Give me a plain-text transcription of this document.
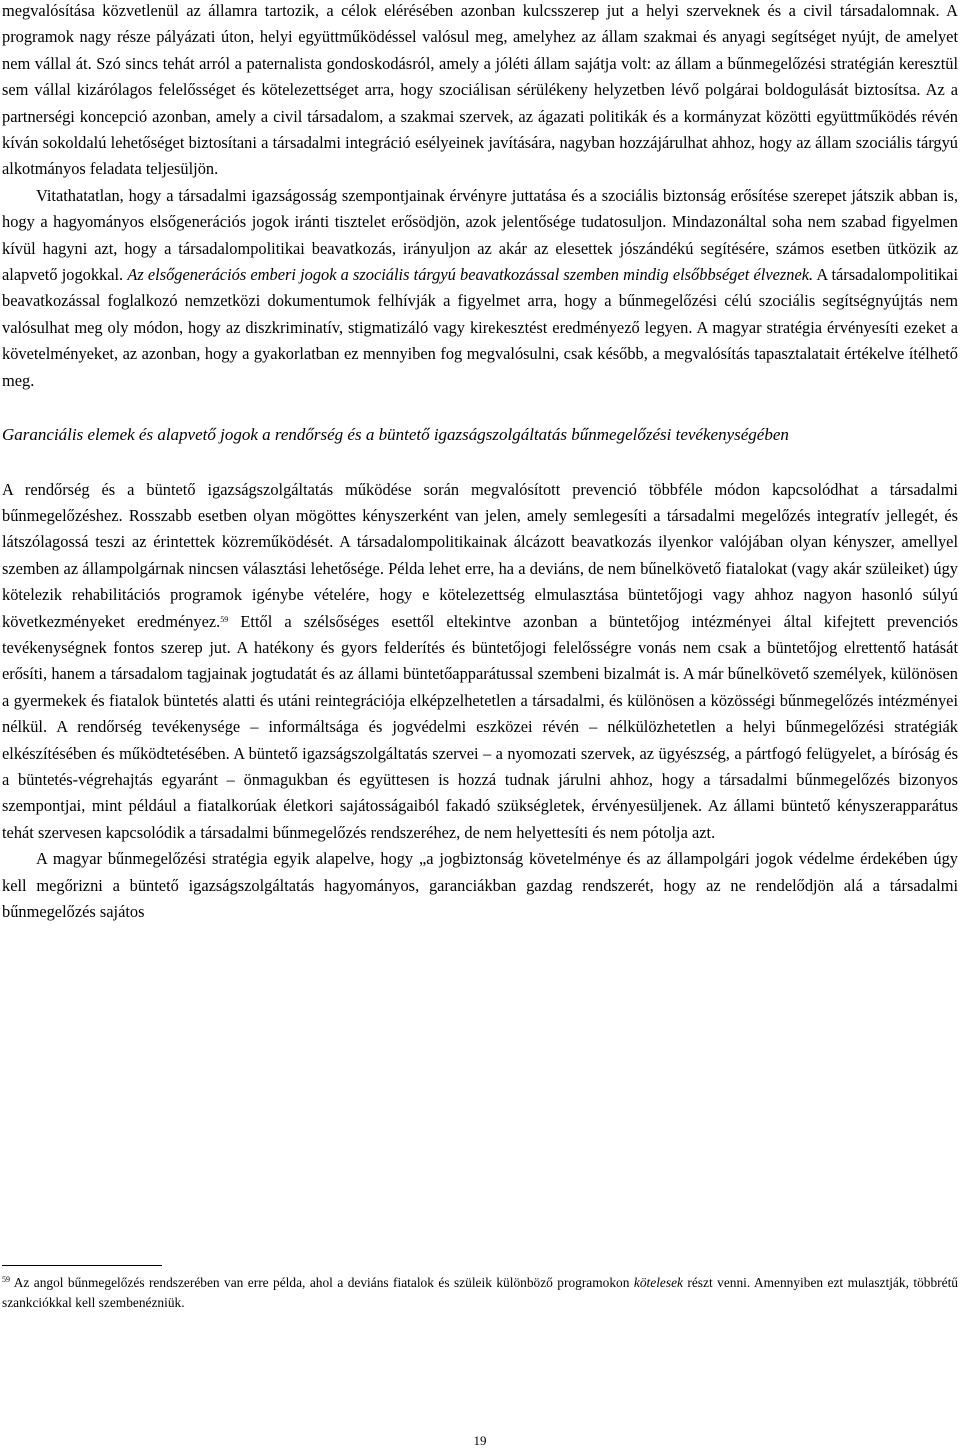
megvalósítása közvetlenül az államra tartozik, a célok elérésében azonban kulcsszerep jut a helyi szerveknek és a civil társadalomnak. A programok nagy része pályázati úton, helyi együttműködéssel valósul meg, amelyhez az állam szakmai és anyagi segítséget nyújt, de amelyet nem vállal át. Szó sincs tehát arról a paternalista gondoskodásról, amely a jóléti állam sajátja volt: az állam a bűnmegelőzési stratégián keresztül sem vállal kizárólagos felelősséget és kötelezettséget arra, hogy szociálisan sérülékeny helyzetben lévő polgárai boldogulását biztosítsa. Az a partnerségi koncepció azonban, amely a civil társadalom, a szakmai szervek, az ágazati politikák és a kormányzat közötti együttműködés révén kíván sokoldalú lehetőséget biztosítani a társadalmi integráció esélyeinek javítására, nagyban hozzájárulhat ahhoz, hogy az állam szociális tárgyú alkotmányos feladata teljesüljön.

Vitathatatlan, hogy a társadalmi igazságosság szempontjainak érvényre juttatása és a szociális biztonság erősítése szerepet játszik abban is, hogy a hagyományos elsőgenerációs jogok iránti tisztelet erősödjön, azok jelentősége tudatosuljon. Mindazonáltal soha nem szabad figyelmen kívül hagyni azt, hogy a társadalompolitikai beavatkozás, irányuljon az akár az elesettek jószándékú segítésére, számos esetben ütközik az alapvető jogokkal. Az elsőgenerációs emberi jogok a szociális tárgyú beavatkozással szemben mindig elsőbbséget élveznek. A társadalompolitikai beavatkozással foglalkozó nemzetközi dokumentumok felhívják a figyelmet arra, hogy a bűnmegelőzési célú szociális segítségnyújtás nem valósulhat meg oly módon, hogy az diszkriminatív, stigmatizáló vagy kirekesztést eredményező legyen. A magyar stratégia érvényesíti ezeket a követelményeket, az azonban, hogy a gyakorlatban ez mennyiben fog megvalósulni, csak később, a megvalósítás tapasztalatait értékelve ítélhető meg.

Garanciális elemek és alapvető jogok a rendőrség és a büntető igazságszolgáltatás bűnmegelőzési tevékenységében

A rendőrség és a büntető igazságszolgáltatás működése során megvalósított prevenció többféle módon kapcsolódhat a társadalmi bűnmegelőzéshez. Rosszabb esetben olyan mögöttes kényszerként van jelen, amely semlegesíti a társadalmi megelőzés integratív jellegét, és látszólagossá teszi az érintettek közreműködését. A társadalompolitikainak álcázott beavatkozás ilyenkor valójában olyan kényszer, amellyel szemben az állampolgárnak nincsen választási lehetősége. Példa lehet erre, ha a deviáns, de nem bűnelkövető fiatalokat (vagy akár szüleiket) úgy kötelezik rehabilitációs programok igénybe vételére, hogy e kötelezettség elmulasztása büntetőjogi vagy ahhoz nagyon hasonló súlyú következményeket eredményez.$^{59}$ Ettől a szélsőséges esettől eltekintve azonban a büntetőjog intézményei által kifejtett prevenciós tevékenységnek fontos szerep jut. A hatékony és gyors felderítés és büntetőjogi felelősségre vonás nem csak a büntetőjog elrettentő hatását erősíti, hanem a társadalom tagjainak jogtudatát és az állami büntetőapparátussal szembeni bizalmát is. A már bűnelkövető személyek, különösen a gyermekek és fiatalok büntetés alatti és utáni reintegrációja elképzelhetetlen a társadalmi, és különösen a közösségi bűnmegelőzés intézményei nélkül. A rendőrség tevékenysége – informáltsága és jogvédelmi eszközei révén – nélkülözhetetlen a helyi bűnmegelőzési stratégiák elkészítésében és működtetésében. A büntető igazságszolgáltatás szervei – a nyomozati szervek, az ügyészség, a pártfogó felügyelet, a bíróság és a büntetés-végrehajtás egyaránt – önmagukban és együttesen is hozzá tudnak járulni ahhoz, hogy a társadalmi bűnmegelőzés bizonyos szempontjai, mint például a fiatalkorúak életkori sajátosságaiból fakadó szükségletek, érvényesüljenek. Az állami büntető kényszerapparátus tehát szervesen kapcsolódik a társadalmi bűnmegelőzés rendszeréhez, de nem helyettesíti és nem pótolja azt.

A magyar bűnmegelőzési stratégia egyik alapelve, hogy „a jogbiztonság követelménye és az állampolgári jogok védelme érdekében úgy kell megőrizni a büntető igazságszolgáltatás hagyományos, garanciákban gazdag rendszerét, hogy az ne rendelődjön alá a társadalmi bűnmegelőzés sajátos

$^{59}$ Az angol bűnmegelőzés rendszerében van erre példa, ahol a deviáns fiatalok és szüleik különböző programokon kötelesek részt venni. Amennyiben ezt mulasztják, többrétű szankciókkal kell szembenézniük.

19
